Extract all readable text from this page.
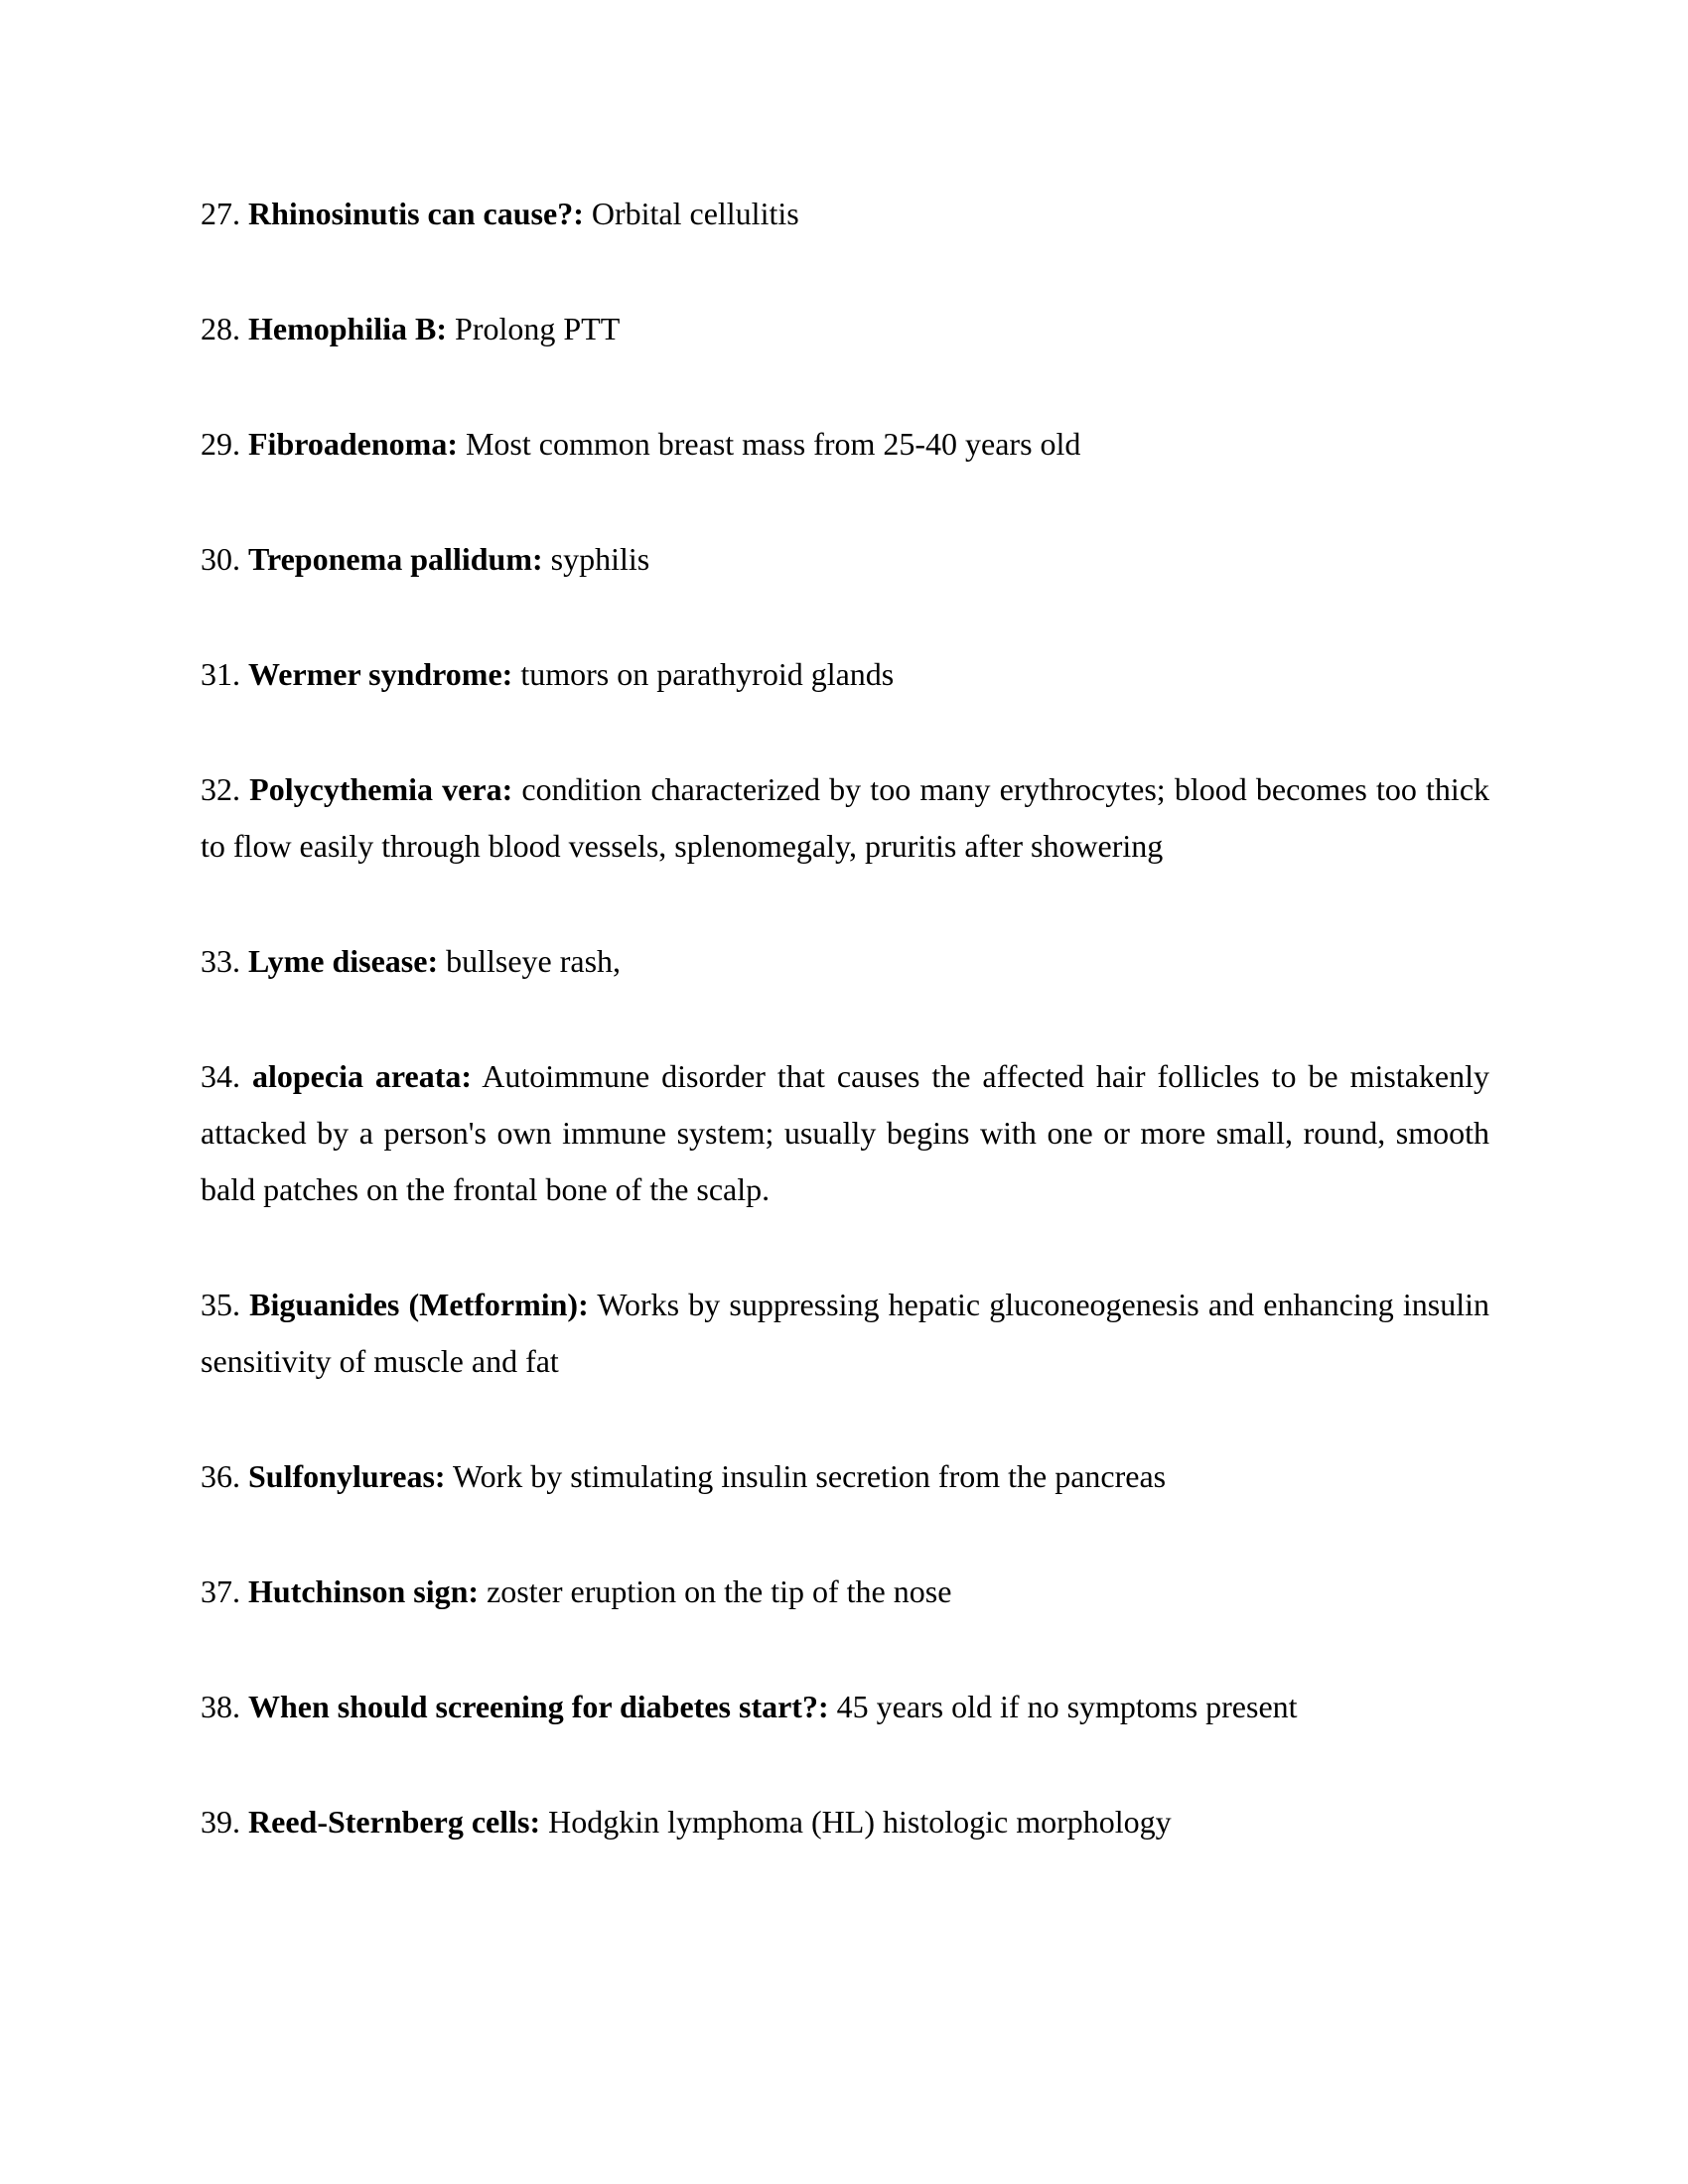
27. Rhinosinutis can cause?: Orbital cellulitis

28. Hemophilia B: Prolong PTT

29. Fibroadenoma: Most common breast mass from 25-40 years old

30. Treponema pallidum: syphilis

31. Wermer syndrome: tumors on parathyroid glands

32. Polycythemia vera: condition characterized by too many erythrocytes; blood becomes too thick to flow easily through blood vessels, splenomegaly, pruritis after showering

33. Lyme disease: bullseye rash,

34. alopecia areata: Autoimmune disorder that causes the affected hair follicles to be mistakenly attacked by a person's own immune system; usually begins with one or more small, round, smooth bald patches on the frontal bone of the scalp.

35. Biguanides (Metformin): Works by suppressing hepatic gluconeogenesis and enhancing insulin sensitivity of muscle and fat

36. Sulfonylureas: Work by stimulating insulin secretion from the pancreas

37. Hutchinson sign: zoster eruption on the tip of the nose

38. When should screening for diabetes start?: 45 years old if no symptoms present

39. Reed-Sternberg cells: Hodgkin lymphoma (HL) histologic morphology
